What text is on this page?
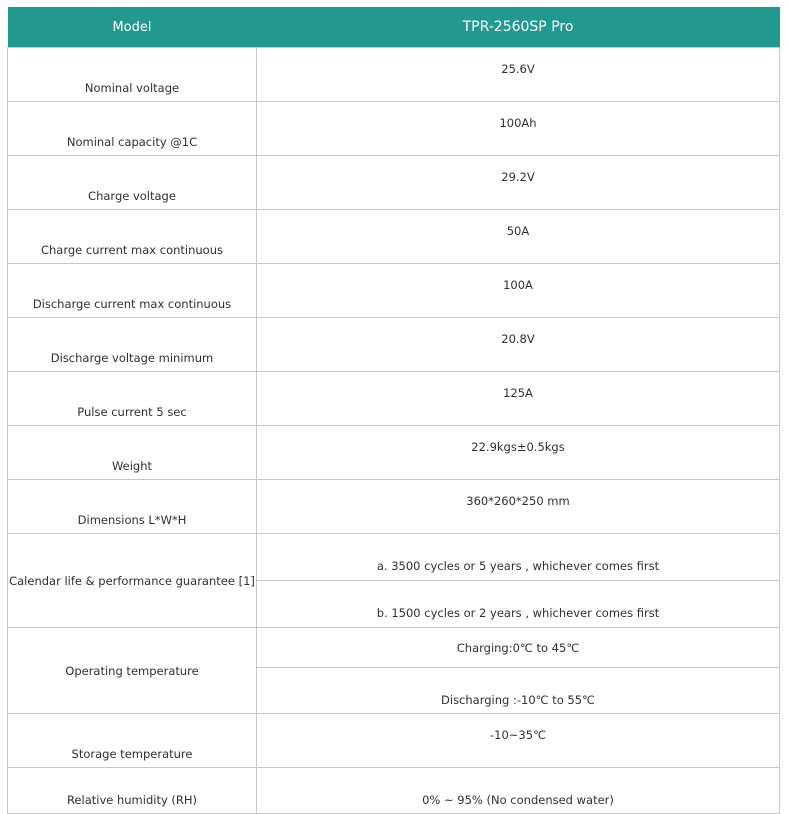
Model	TPR-2560SP Pro
Nominal voltage	25.6V
Nominal capacity @1C	100Ah
Charge voltage	29.2V
Charge current max continuous	50A
Discharge current max continuous	100A
Discharge voltage minimum	20.8V
Pulse current 5 sec	125A
Weight	22.9kgs±0.5kgs
Dimensions L*W*H	360*260*250 mm
Calendar life & performance guarantee [1]	a. 3500 cycles or 5 years , whichever comes first
	b. 1500 cycles or 2 years , whichever comes first
Operating temperature	Charging:0℃ to 45℃
	Discharging :-10℃ to 55℃
Storage temperature	-10~35℃
Relative humidity (RH)	0% ~ 95% (No condensed water)
